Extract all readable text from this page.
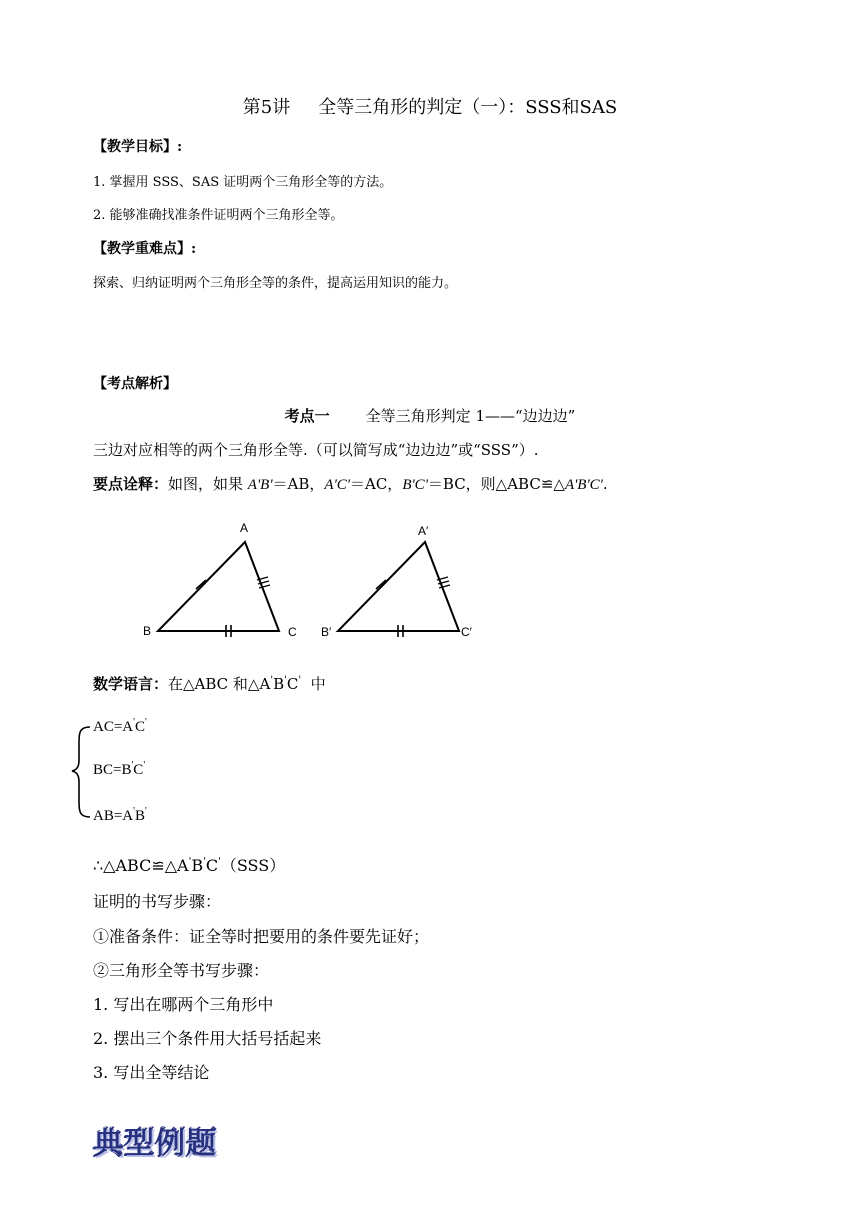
第5讲 全等三角形的判定（一）：SSS和SAS
【教学目标】:
1. 掌握用 SSS、SAS 证明两个三角形全等的方法。
2. 能够准确找准条件证明两个三角形全等。
【教学重难点】:
探索、归纳证明两个三角形全等的条件，提高运用知识的能力。
【考点解析】
考点一 全等三角形判定 1——“边边边”
三边对应相等的两个三角形全等.（可以简写成“边边边”或“SSS”）.
要点诠释：如图，如果 A'B'＝AB，A'C'＝AC，B'C'＝BC，则△ABC≌△A'B'C'.
A
B	C
A′
B′	C′
数学语言：在△ABC 和△A'B'C' 中
AC=A'C'
BC=B'C'
AB=A'B'
∴△ABC≌△A'B'C'（SSS）
证明的书写步骤：
①准备条件：证全等时把要用的条件要先证好；
②三角形全等书写步骤：
1. 写出在哪两个三角形中
2. 摆出三个条件用大括号括起来
3. 写出全等结论
典型例题
